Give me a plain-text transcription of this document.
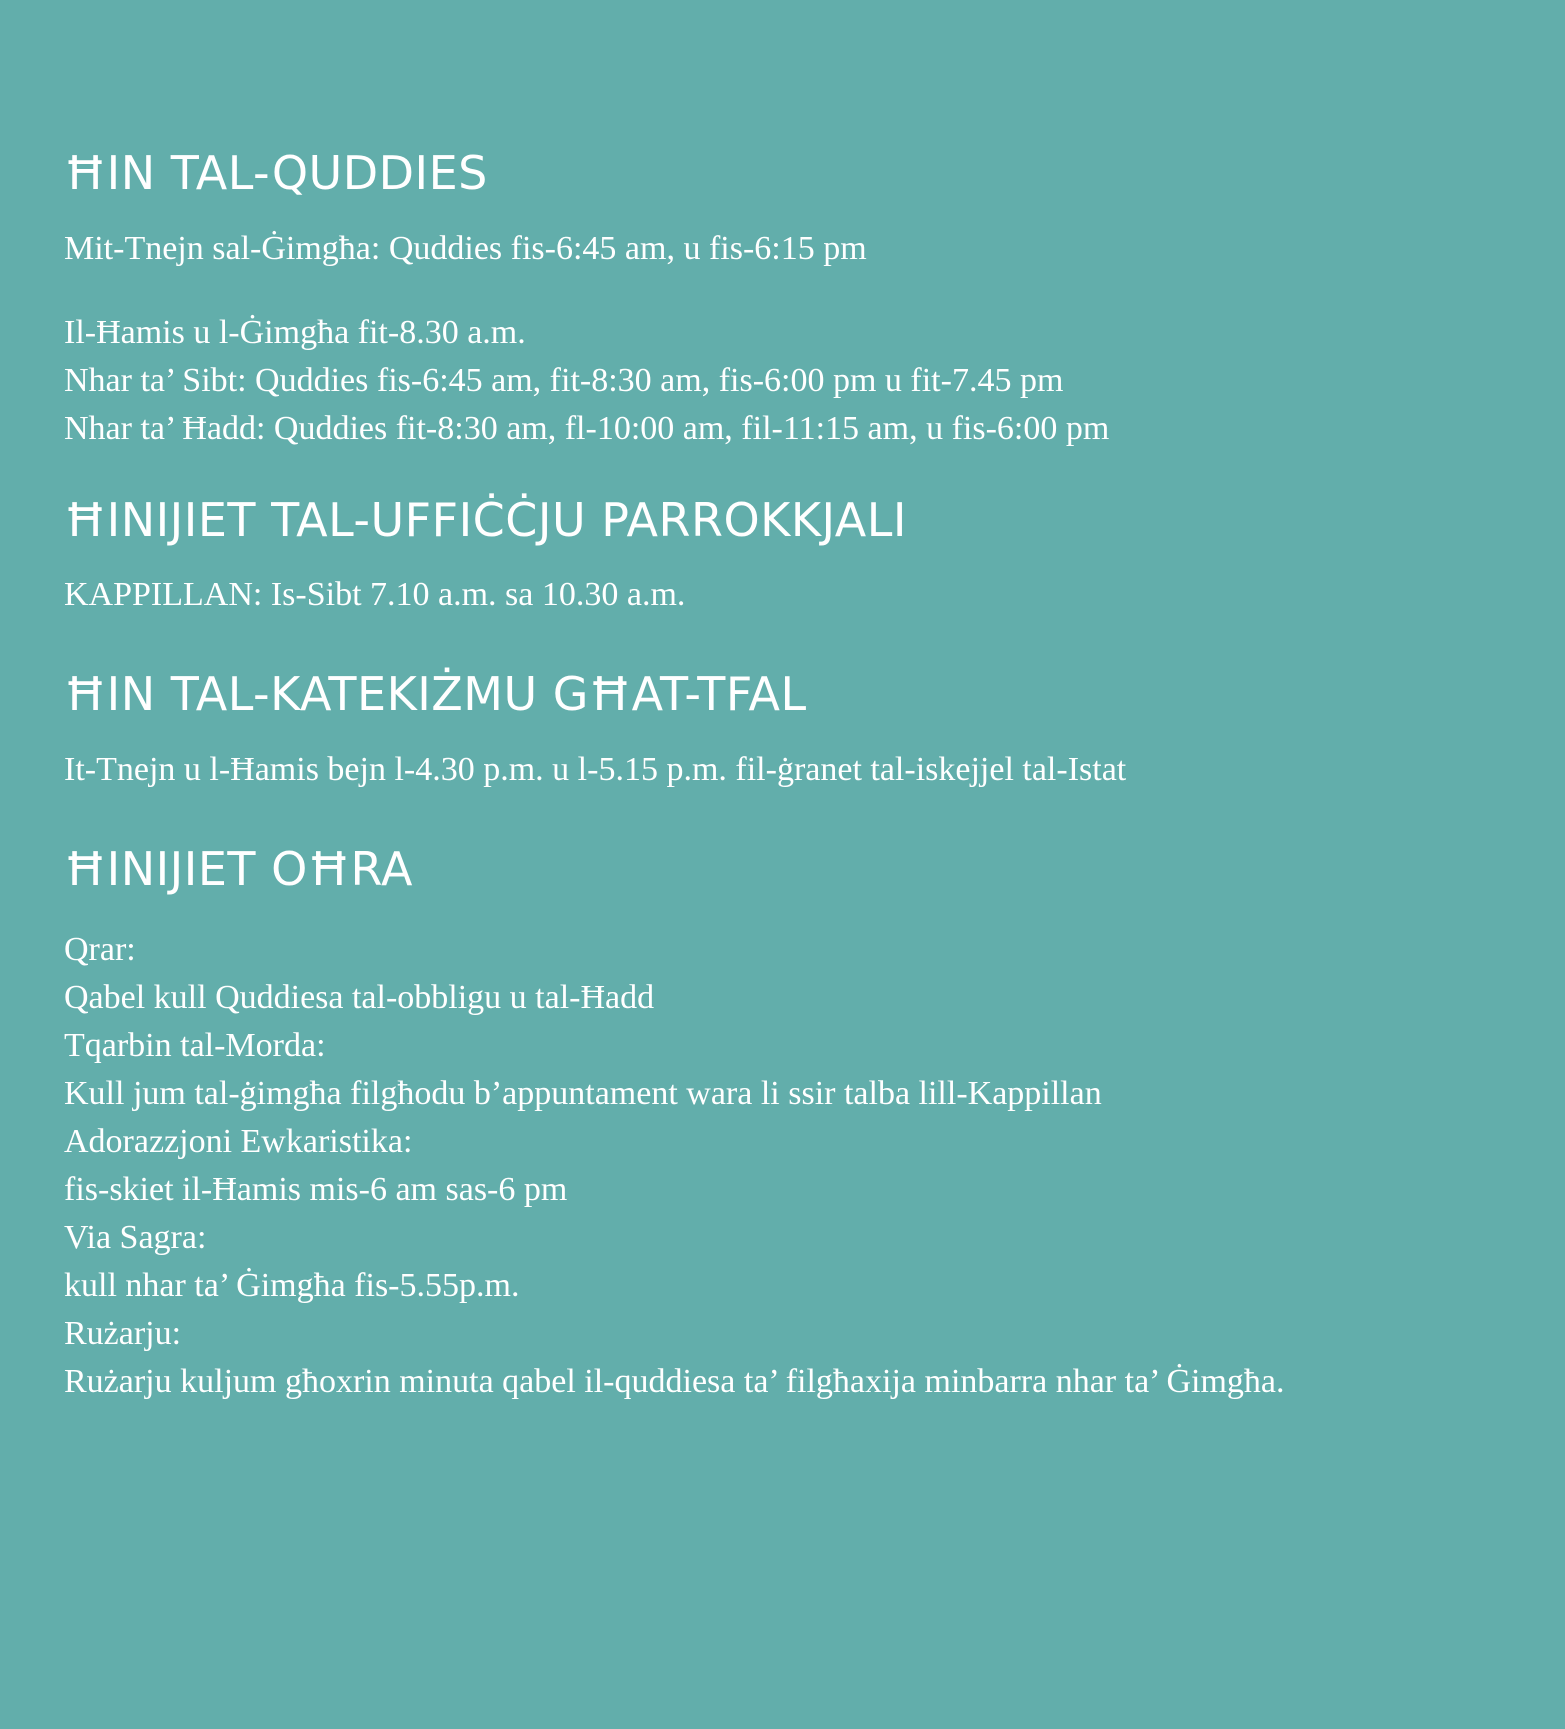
ĦIN TAL-QUDDIES

Mit-Tnejn sal-Ġimgħa: Quddies fis-6:45 am, u fis-6:15 pm

Il-Ħamis u l-Ġimgħa fit-8.30 a.m.

Nhar ta’ Sibt: Quddies fis-6:45 am, fit-8:30 am, fis-6:00 pm u fit-7.45 pm

Nhar ta’ Ħadd: Quddies fit-8:30 am, fl-10:00 am, fil-11:15 am, u fis-6:00 pm

ĦINIJIET TAL-UFFIĊĊJU PARROKKJALI

KAPPILLAN: Is-Sibt 7.10 a.m. sa 10.30 a.m.

ĦIN TAL-KATEKIŻMU GĦAT-TFAL

It-Tnejn u l-Ħamis bejn l-4.30 p.m. u l-5.15 p.m. fil-ġranet tal-iskejjel tal-Istat

ĦINIJIET OĦRA

Qrar:

Qabel kull Quddiesa tal-obbligu u tal-Ħadd

Tqarbin tal-Morda:

Kull jum tal-ġimgħa filgħodu b’appuntament wara li ssir talba lill-Kappillan

Adorazzjoni Ewkaristika:

fis-skiet il-Ħamis mis-6 am sas-6 pm

Via Sagra:

kull nhar ta’ Ġimgħa fis-5.55p.m.

Rużarju:

Rużarju kuljum għoxrin minuta qabel il-quddiesa ta’ filgħaxija minbarra nhar ta’ Ġimgħa.
